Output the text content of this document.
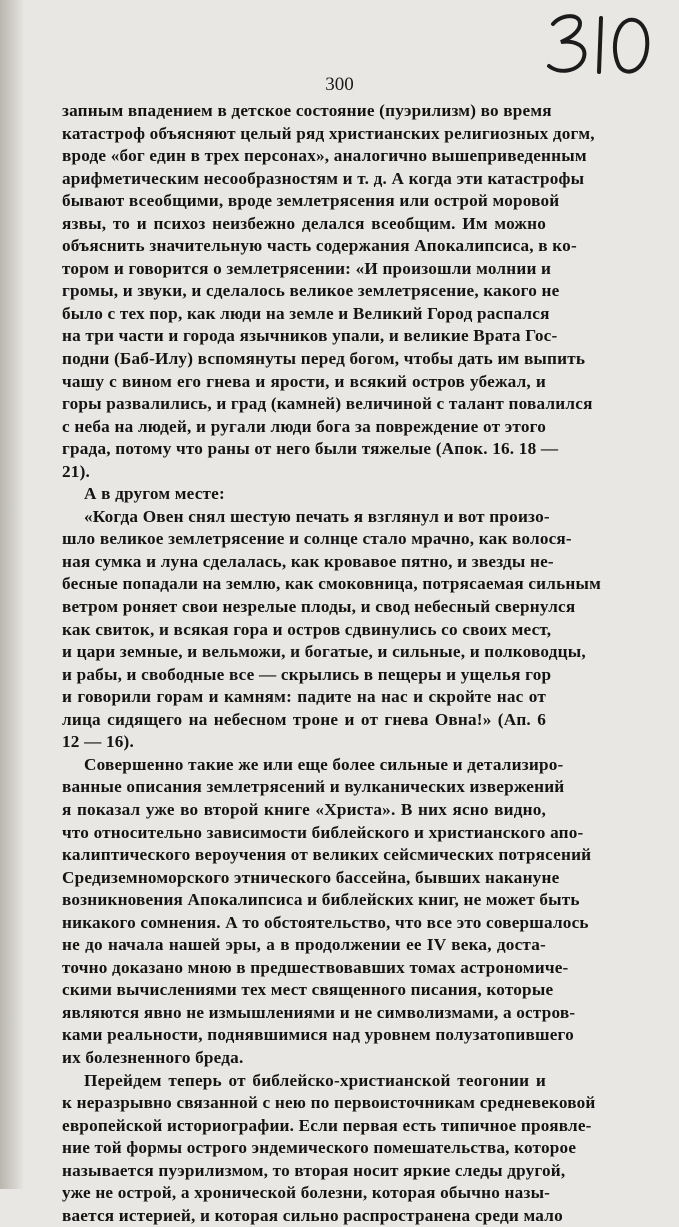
300
запным впадением в детское состояние (пуэрилизм) во время
катастроф объясняют целый ряд христианских религиозных догм,
вроде «бог един в трех персонах», аналогично вышеприведенным
арифметическим несообразностям и т. д. А когда эти катастрофы
бывают всеобщими, вроде землетрясения или острой моровой
язвы, то и психоз неизбежно делался всеобщим. Им можно
объяснить значительную часть содержания Апокалипсиса, в ко-
тором и говорится о землетрясении: «И произошли молнии и
громы, и звуки, и сделалось великое землетрясение, какого не
было с тех пор, как люди на земле и Великий Город распался
на три части и города язычников упали, и великие Врата Гос-
подни (Баб-Илу) вспомянуты перед богом, чтобы дать им выпить
чашу с вином его гнева и ярости, и всякий остров убежал, и
горы развалились, и град (камней) величиной с талант повалился
с неба на людей, и ругали люди бога за повреждение от этого
града, потому что раны от него были тяжелые (Апок. 16. 18 —
21).
А в другом месте:
«Когда Овен снял шестую печать я взглянул и вот произо-
шло великое землетрясение и солнце стало мрачно, как волося-
ная сумка и луна сделалась, как кровавое пятно, и звезды не-
бесные попадали на землю, как смоковница, потрясаемая сильным
ветром роняет свои незрелые плоды, и свод небесный свернулся
как свиток, и всякая гора и остров сдвинулись со своих мест,
и цари земные, и вельможи, и богатые, и сильные, и полководцы,
и рабы, и свободные все — скрылись в пещеры и ущелья гор
и говорили горам и камням: падите на нас и скройте нас от
лица сидящего на небесном троне и от гнева Овна!» (Ап. 6
12 — 16).
Совершенно такие же или еще более сильные и детализиро-
ванные описания землетрясений и вулканических извержений
я показал уже во второй книге «Христа». В них ясно видно,
что относительно зависимости библейского и христианского апо-
калиптического вероучения от великих сейсмических потрясений
Средиземноморского этнического бассейна, бывших накануне
возникновения Апокалипсиса и библейских книг, не может быть
никакого сомнения. А то обстоятельство, что все это совершалось
не до начала нашей эры, а в продолжении ее IV века, доста-
точно доказано мною в предшествовавших томах астрономиче-
скими вычислениями тех мест священного писания, которые
являются явно не измышлениями и не символизмами, а остров-
ками реальности, поднявшимися над уровнем полузатопившего
их болезненного бреда.
Перейдем теперь от библейско-христианской теогонии и
к неразрывно связанной с нею по первоисточникам средневековой
европейской историографии. Если первая есть типичное проявле-
ние той формы острого эндемического помешательства, которое
называется пуэрилизмом, то вторая носит яркие следы другой,
уже не острой, а хронической болезни, которая обычно назы-
вается истерией, и которая сильно распространена среди мало
